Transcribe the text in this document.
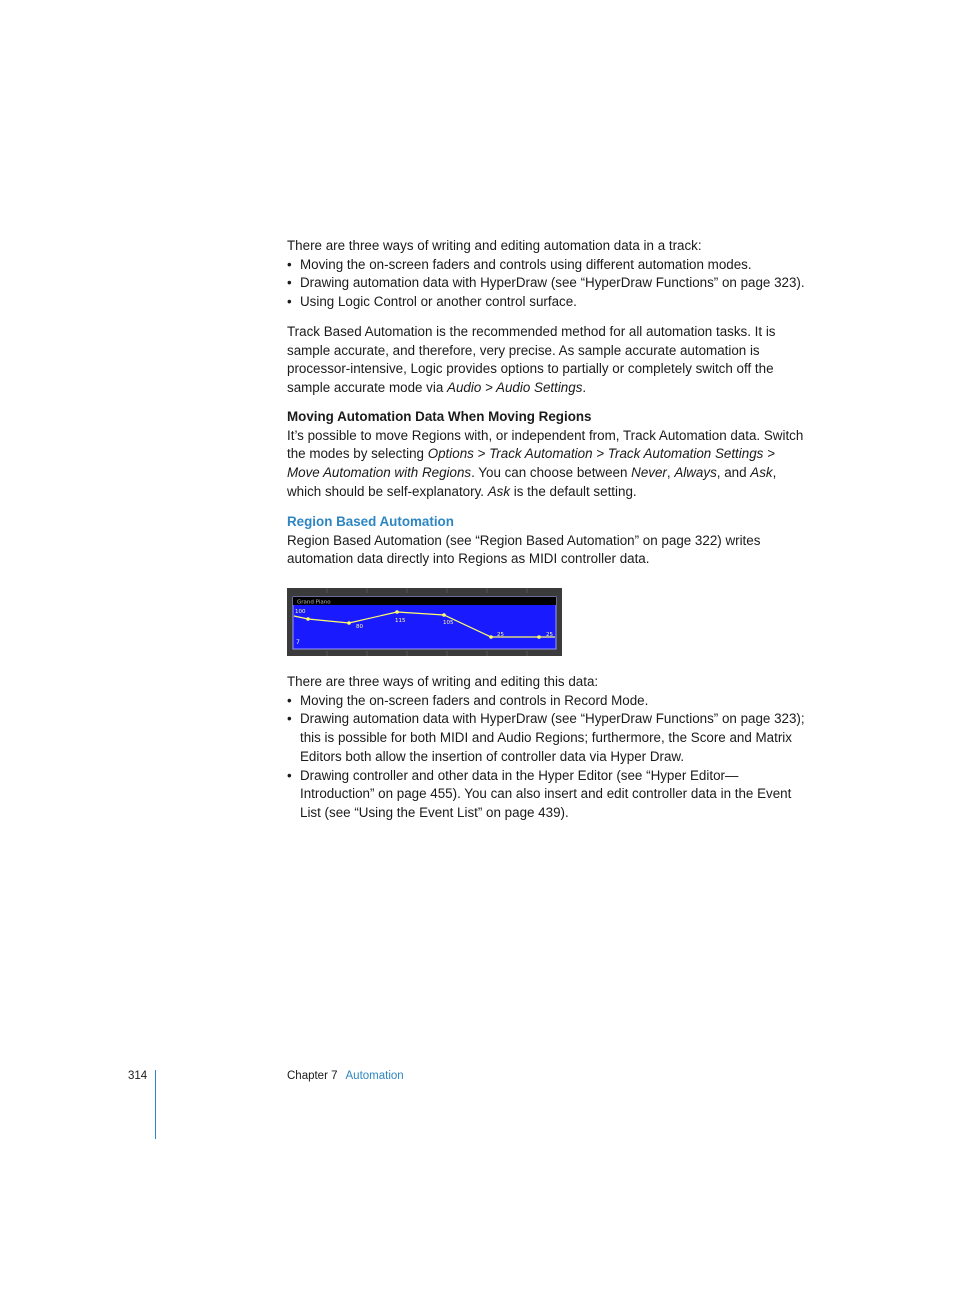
There are three ways of writing and editing automation data in a track:

• Moving the on-screen faders and controls using different automation modes.
• Drawing automation data with HyperDraw (see “HyperDraw Functions” on page 323).
• Using Logic Control or another control surface.

Track Based Automation is the recommended method for all automation tasks. It is sample accurate, and therefore, very precise. As sample accurate automation is processor-intensive, Logic provides options to partially or completely switch off the sample accurate mode via Audio > Audio Settings.

Moving Automation Data When Moving Regions

It’s possible to move Regions with, or independent from, Track Automation data. Switch the modes by selecting Options > Track Automation > Track Automation Settings > Move Automation with Regions. You can choose between Never, Always, and Ask, which should be self-explanatory. Ask is the default setting.

Region Based Automation

Region Based Automation (see “Region Based Automation” on page 322) writes automation data directly into Regions as MIDI controller data.

Grand Piano
7
100
80
115	105
25	25

There are three ways of writing and editing this data:

• Moving the on-screen faders and controls in Record Mode.
• Drawing automation data with HyperDraw (see “HyperDraw Functions” on page 323); this is possible for both MIDI and Audio Regions; furthermore, the Score and Matrix Editors both allow the insertion of controller data via Hyper Draw.
• Drawing controller and other data in the Hyper Editor (see “Hyper Editor—Introduction” on page 455). You can also insert and edit controller data in the Event List (see “Using the Event List” on page 439).
314	Chapter 7 Automation
